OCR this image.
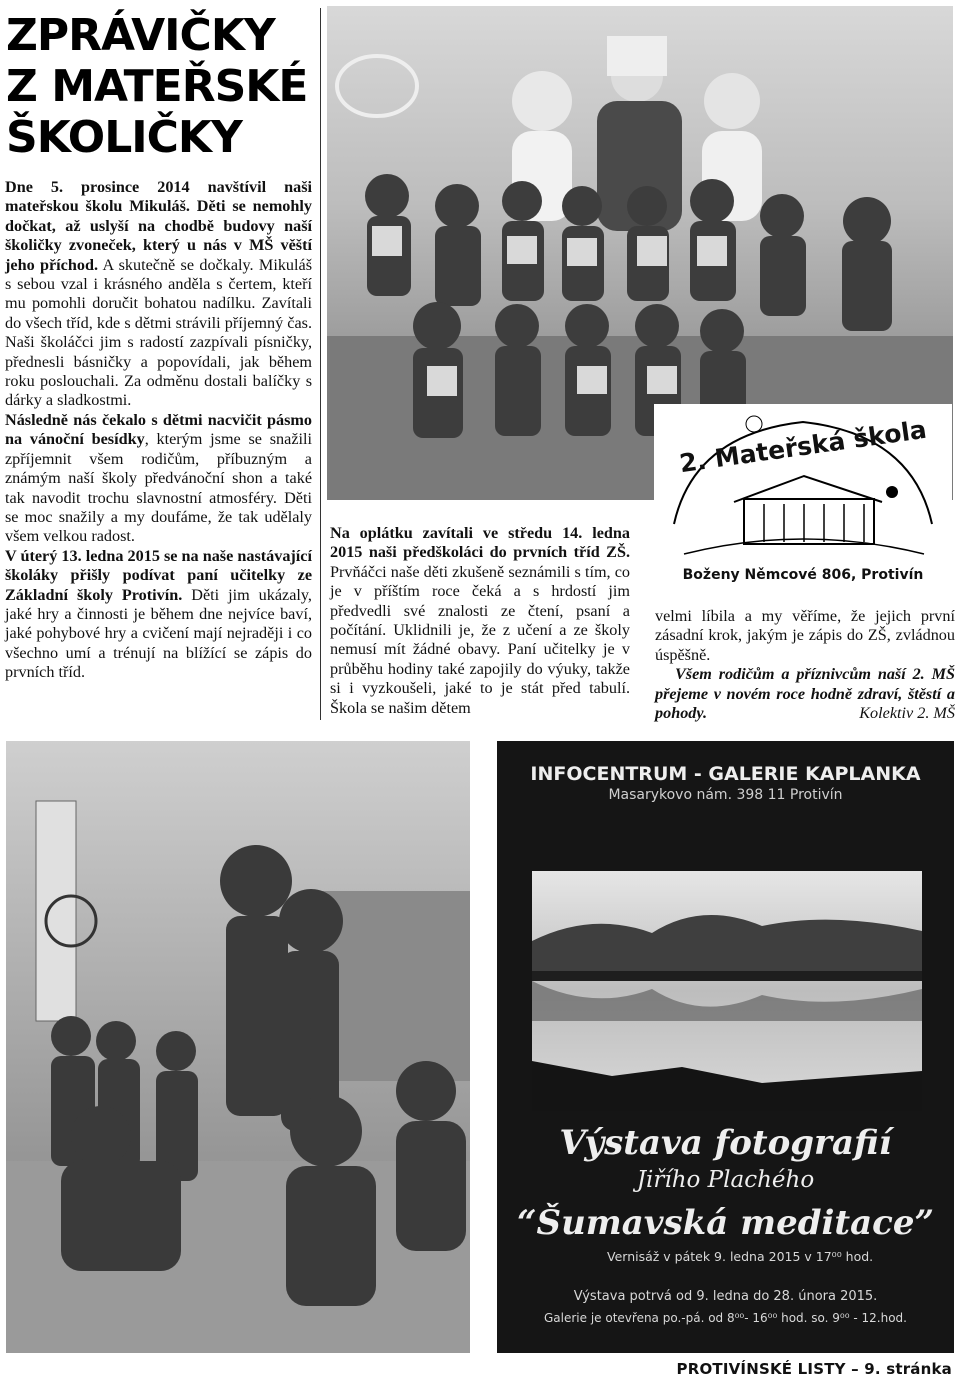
ZPRÁVIČKY
Z MATEŘSKÉ
ŠKOLIČKY

Dne 5. prosince 2014 navštívil naši mateřskou školu Mikuláš. Děti se nemohly dočkat, až uslyší na chodbě budovy naší školičky zvoneček, který u nás v MŠ věští jeho příchod. A skutečně se dočkaly. Mikuláš s sebou vzal i krásného anděla s čertem, kteří mu pomohli doručit bohatou nadílku. Zavítali do všech tříd, kde s dětmi strávili příjemný čas. Naši školáčci jim s radostí zazpívali písničky, přednesli básničky a popovídali, jak během roku poslouchali. Za odměnu dostali balíčky s dárky a sladkostmi.

Následně nás čekalo s dětmi nacvičit pásmo na vánoční besídky, kterým jsme se snažili zpříjemnit všem rodičům, příbuzným a známým naší školy předvánoční shon a také tak navodit trochu slavnostní atmosféry. Děti se moc snažily a my doufáme, že tak udělaly všem velkou radost.

V úterý 13. ledna 2015 se na naše nastávající školáky přišly podívat paní učitelky ze Základní školy Protivín. Děti jim ukázaly, jaké hry a činnosti je během dne nejvíce baví, jaké pohybové hry a cvičení mají nejraději i co všechno umí a trénují na blížící se zápis do prvních tříd.

2. Mateřská škola
Boženy Němcové 806, Protivín

Na oplátku zavítali ve středu 14. ledna 2015 naši předškoláci do prvních tříd ZŠ. Prvňáčci naše děti zkušeně seznámili s tím, co je v příštím roce čeká a s hrdostí jim předvedli své znalosti ze čtení, psaní a počítání. Uklidnili je, že z učení a ze školy nemusí mít žádné obavy. Paní učitelky je v průběhu hodiny také zapojily do výuky, takže si i vyzkoušeli, jaké to je stát před tabulí. Škola se našim dětem

velmi líbila a my věříme, že jejich první zásadní krok, jakým je zápis do ZŠ, zvládnou úspěšně.

Všem rodičům a příznivcům naší 2. MŠ přejeme v novém roce hodně zdraví, štěstí a pohody.	Kolektiv 2. MŠ

INFOCENTRUM - GALERIE KAPLANKA
Masarykovo nám. 398 11 Protivín
Výstava fotografií
Jiřího Plachého
“Šumavská meditace”
Vernisáž v pátek 9. ledna 2015 v 17⁰⁰ hod.
Výstava potrvá od 9. ledna do 28. února 2015.
Galerie je otevřena po.-pá. od 8⁰⁰- 16⁰⁰ hod. so. 9⁰⁰ - 12.hod.
PROTIVÍNSKÉ LISTY – 9. stránka
